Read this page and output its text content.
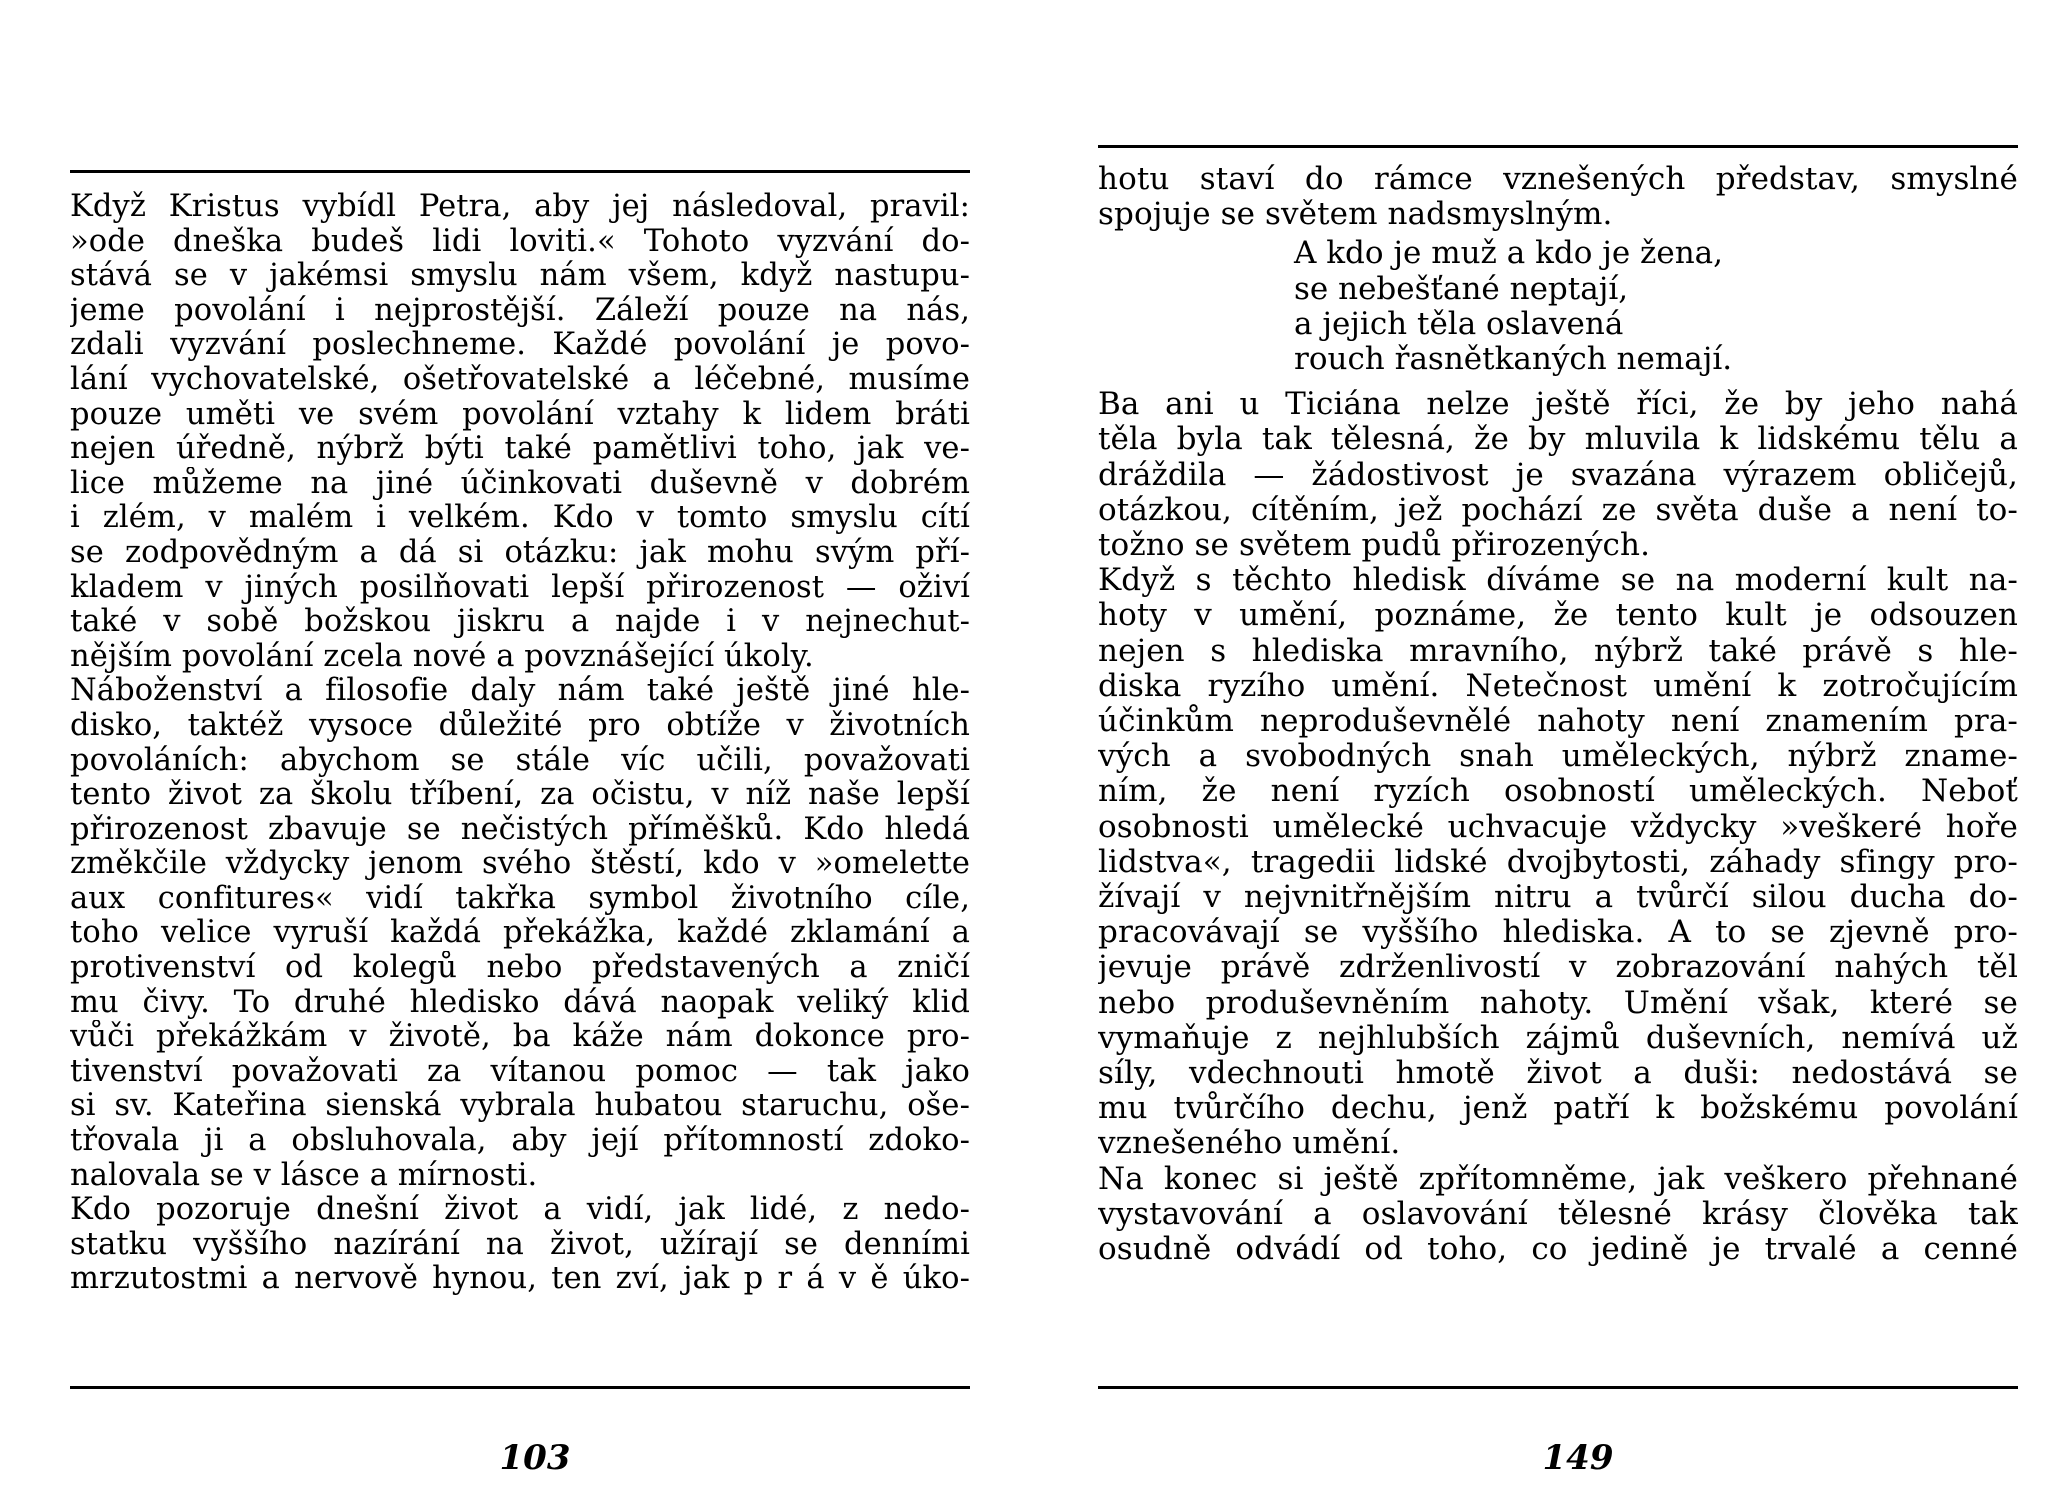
Když Kristus vybídl Petra, aby jej následoval, pravil:
»ode dneška budeš lidi loviti.« Tohoto vyzvání do-
stává se v jakémsi smyslu nám všem, když nastupu-
jeme povolání i nejprostější. Záleží pouze na nás,
zdali vyzvání poslechneme. Každé povolání je povo-
lání vychovatelské, ošetřovatelské a léčebné, musíme
pouze uměti ve svém povolání vztahy k lidem bráti
nejen úředně, nýbrž býti také pamětlivi toho, jak ve-
lice můžeme na jiné účinkovati duševně v dobrém
i zlém, v malém i velkém. Kdo v tomto smyslu cítí
se zodpovědným a dá si otázku: jak mohu svým pří-
kladem v jiných posilňovati lepší přirozenost — oživí
také v sobě božskou jiskru a najde i v nejnechut-
nějším povolání zcela nové a povznášející úkoly.
Náboženství a filosofie daly nám také ještě jiné hle-
disko, taktéž vysoce důležité pro obtíže v životních
povoláních: abychom se stále víc učili, považovati
tento život za školu tříbení, za očistu, v níž naše lepší
přirozenost zbavuje se nečistých příměšků. Kdo hledá
změkčile vždycky jenom svého štěstí, kdo v »omelette
aux confitures« vidí takřka symbol životního cíle,
toho velice vyruší každá překážka, každé zklamání a
protivenství od kolegů nebo představených a zničí
mu čivy. To druhé hledisko dává naopak veliký klid
vůči překážkám v životě, ba káže nám dokonce pro-
tivenství považovati za vítanou pomoc — tak jako
si sv. Kateřina sienská vybrala hubatou staruchu, oše-
třovala ji a obsluhovala, aby její přítomností zdoko-
nalovala se v lásce a mírnosti.
Kdo pozoruje dnešní život a vidí, jak lidé, z nedo-
statku vyššího nazírání na život, užírají se denními
mrzutostmi a nervově hynou, ten zví, jak p r á v ě úko-
103
hotu staví do rámce vznešených představ, smyslné
spojuje se světem nadsmyslným.
A kdo je muž a kdo je žena,
se nebešťané neptají,
a jejich těla oslavená
rouch řasnětkaných nemají.
Ba ani u Ticiána nelze ještě říci, že by jeho nahá
těla byla tak tělesná, že by mluvila k lidskému tělu a
dráždila — žádostivost je svazána výrazem obličejů,
otázkou, cítěním, jež pochází ze světa duše a není to-
tožno se světem pudů přirozených.
Když s těchto hledisk díváme se na moderní kult na-
hoty v umění, poznáme, že tento kult je odsouzen
nejen s hlediska mravního, nýbrž také právě s hle-
diska ryzího umění. Netečnost umění k zotročujícím
účinkům neproduševnělé nahoty není znamením pra-
vých a svobodných snah uměleckých, nýbrž zname-
ním, že není ryzích osobností uměleckých. Neboť
osobnosti umělecké uchvacuje vždycky »veškeré hoře
lidstva«, tragedii lidské dvojbytosti, záhady sfingy pro-
žívají v nejvnitřnějším nitru a tvůrčí silou ducha do-
pracovávají se vyššího hlediska. A to se zjevně pro-
jevuje právě zdrženlivostí v zobrazování nahých těl
nebo produševněním nahoty. Umění však, které se
vymaňuje z nejhlubších zájmů duševních, nemívá už
síly, vdechnouti hmotě život a duši: nedostává se
mu tvůrčího dechu, jenž patří k božskému povolání
vznešeného umění.
Na konec si ještě zpřítomněme, jak veškero přehnané
vystavování a oslavování tělesné krásy člověka tak
osudně odvádí od toho, co jedině je trvalé a cenné
149
